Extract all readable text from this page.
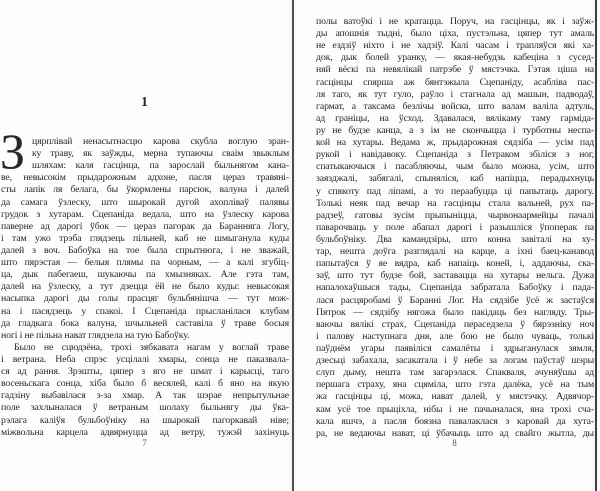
1
З цярплівай ненасытнасцю карова скубла воглую зран-
ку траву, як заўжды, мерна тупаючы сваім звыклым
шляхам: каля гасцінца, па зарослай быльнягом кана-
ве, невысокім прыдарожным адхоне, пасля цераз травяні-
сты лапік ля белага, бы ўкормлены парсюк, валуна і далей
да самага ўзлеску, што шырокай дугой ахопліваў палявы
грудок з хутарам. Сцепаніда ведала, што на ўзлеску карова
паверне ад дарогі ўбок — цераз пагорак да Баранняга Логу,
і там ужо трэба глядзець пільней, каб не шмыганула куды
далей з воч. Бабоўка на тое была спрытнюга, і не зважай,
што пярэстая — белыя плямы па чорным, — а калі згубіц-
ца, дык пабегаеш, шукаючы па хмызняках. Але гэта там,
далей на ўзлеску, а тут дзецца ёй не было куды: невысокая
насыпка дарогі ды голы прасцяг бульбянішча — тут мож-
на і пасядзець у спакоі. І Сцепаніда прысланілася клубам
да гладкага бока валуна, шчыльней саставіла ў траве босыя
ногі і не пільна нават глядзела на тую Бабоўку.
Было не сцюдзёна, трохі зябкавата нагам у воглай траве
і ветрана. Неба спрэс усцілалі хмары, сонца не паказвала-
ся ад рання. Зрэшты, цяпер з яго не шмат і карысці, таго
восеньскага сонца, хіба было б весялей, калі б яно на якую
гадзіну выбавілася з-за хмар. А так шэрае непрытульнае
поле захлыналася ў ветраным шолаху быльнягу ды ўка-
рэлага каліўя бульбоўніку на шырокай пагоркавай ніве;
міжвольна карцела адвярнуцца ад ветру, тужэй захінуць
7
полы ватоўкі і не кратацца. Поруч, на гасцінцы, як і заўж-
ды апошнія тыдні, было ціха, пустэльна, цяпер тут амаль
не ездзіў ніхто і не хадзіў. Калі часам і трапляўся які ха-
док, дык болей уранку, — якая-небудзь кабеціна з сусед-
няй вёскі па невялікай патрэбе ў мястэчка. Гэтая ціша на
гасцінцы спярша аж бянтэжыла Сцепаніду, асабліва пас-
ля таго, як тут гуло, раўло і стагнала ад машын, падводаў,
гармат, а таксама безлічы войска, што валам валіла адтуль,
ад граніцы, на ўсход. Здавалася, вялікаму таму гарміда-
ру не будзе канца, а з ім не скончыцца і турботны неспа-
кой на хутары. Ведама ж, прыдарожная сядзіба — усім пад
рукой і навідавоку. Сцепаніда з Петраком збіліся з ног,
спатыкаючыся і пасабляючы, чым было можна, усім, што
заязджалі, забягалі, спыняліся, каб напіцца, перадыхнуць
у спякоту пад ліпамі, а то пераабуцца ці папытаць дарогу.
Толькі неяк пад вечар на гасцінцы стала вальней, рух па-
радзеў, гатовы зусім прыпыніцца, чырвонаармейцы пачалі
паварочваць у поле абапал дарогі і разышліся ўпоперак па
бульбоўніку. Два камандзіры, што конна завіталі на ху-
тар, нешта доўга разглядалі на карце, а іхні баец-канавод
папытаўся ў яе вядра, каб напаіць коней, і, аддаючы, ска-
заў, што тут будзе бой, заставацца на хутары нельга. Дужа
напалохаўшыся тады, Сцепаніда забратала Бабоўку і пада-
лася расцяробамі ў Баранні Лог. На сядзібе ўсё ж застаўся
Пятрок — сядзібу нягожа было пакідаць без нагляду. Тры-
ваючы вялікі страх, Сцепаніда пераседзела ў бярэзніку ноч
і палову наступнага дня, але бою не было чуваць, толькі
паўднём угары паявіліся самалёты і здрыганулася зямля,
дзесьці забахала, засакатала і ў небе за логам паўстаў шэры
слуп дыму, нешта там загарэлася. Спакваля, ачуняўшы ад
першага страху, яна сцяміла, што гэта далёка, усё на тым
жа гасцінцы ці, можа, нават далей, у мястэчку. Адвячор-
кам усё тое прыціхла, нібы і не пачыналася, яна трохі сча-
кала яшчэ, а пасля боязна павалаклася з каровай да хута-
ра, не ведаючы нават, ці ўбачыць што ад свайго жытла, ды
8
